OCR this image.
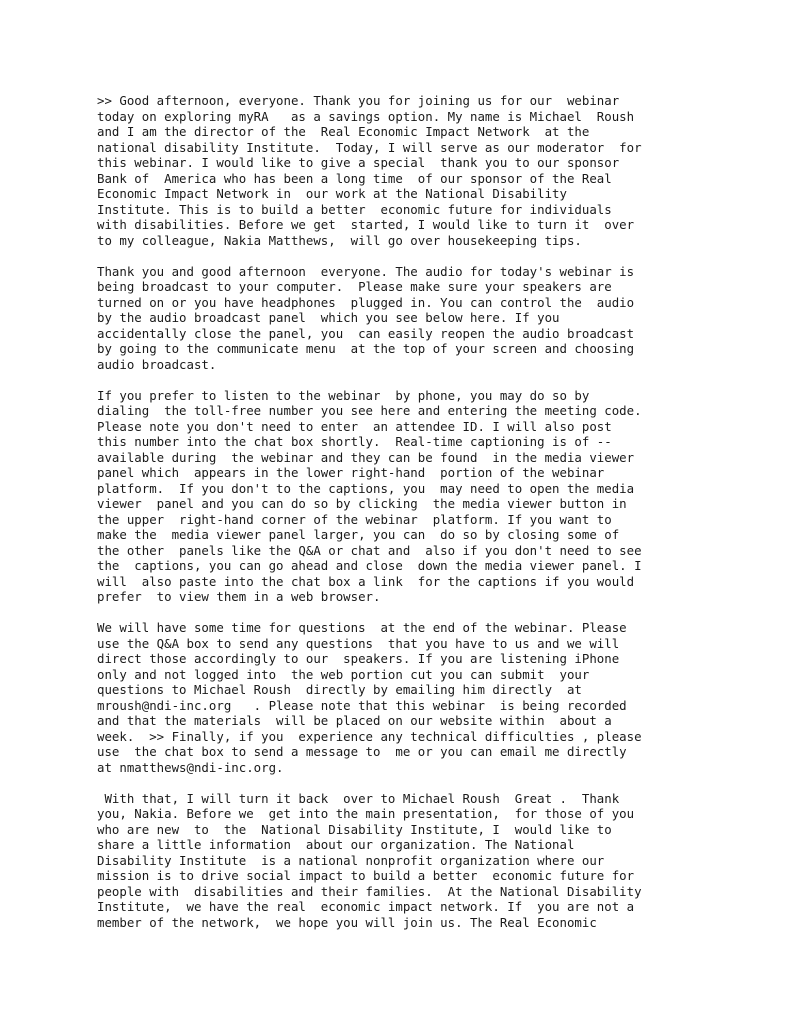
>> Good afternoon, everyone. Thank you for joining us for our  webinar
today on exploring myRA   as a savings option. My name is Michael  Roush
and I am the director of the  Real Economic Impact Network  at the
national disability Institute.  Today, I will serve as our moderator  for
this webinar. I would like to give a special  thank you to our sponsor
Bank of  America who has been a long time  of our sponsor of the Real
Economic Impact Network in  our work at the National Disability
Institute. This is to build a better  economic future for individuals
with disabilities. Before we get  started, I would like to turn it  over
to my colleague, Nakia Matthews,  will go over housekeeping tips.

Thank you and good afternoon  everyone. The audio for today's webinar is
being broadcast to your computer.  Please make sure your speakers are
turned on or you have headphones  plugged in. You can control the  audio
by the audio broadcast panel  which you see below here. If you
accidentally close the panel, you  can easily reopen the audio broadcast
by going to the communicate menu  at the top of your screen and choosing
audio broadcast.

If you prefer to listen to the webinar  by phone, you may do so by
dialing  the toll-free number you see here and entering the meeting code.
Please note you don't need to enter  an attendee ID. I will also post
this number into the chat box shortly.  Real-time captioning is of --
available during  the webinar and they can be found  in the media viewer
panel which  appears in the lower right-hand  portion of the webinar
platform.  If you don't to the captions, you  may need to open the media
viewer  panel and you can do so by clicking  the media viewer button in
the upper  right-hand corner of the webinar  platform. If you want to
make the  media viewer panel larger, you can  do so by closing some of
the other  panels like the Q&A or chat and  also if you don't need to see
the  captions, you can go ahead and close  down the media viewer panel. I
will  also paste into the chat box a link  for the captions if you would
prefer  to view them in a web browser.

We will have some time for questions  at the end of the webinar. Please
use the Q&A box to send any questions  that you have to us and we will
direct those accordingly to our  speakers. If you are listening iPhone
only and not logged into  the web portion cut you can submit  your
questions to Michael Roush  directly by emailing him directly  at
mroush@ndi-inc.org   . Please note that this webinar  is being recorded
and that the materials  will be placed on our website within  about a
week.  >> Finally, if you  experience any technical difficulties , please
use  the chat box to send a message to  me or you can email me directly
at nmatthews@ndi-inc.org.

With that, I will turn it back  over to Michael Roush  Great .  Thank
you, Nakia. Before we  get into the main presentation,  for those of you
who are new  to  the  National Disability Institute, I  would like to
share a little information  about our organization. The National
Disability Institute  is a national nonprofit organization where our
mission is to drive social impact to build a better  economic future for
people with  disabilities and their families.  At the National Disability
Institute,  we have the real  economic impact network. If  you are not a
member of the network,  we hope you will join us. The Real Economic
